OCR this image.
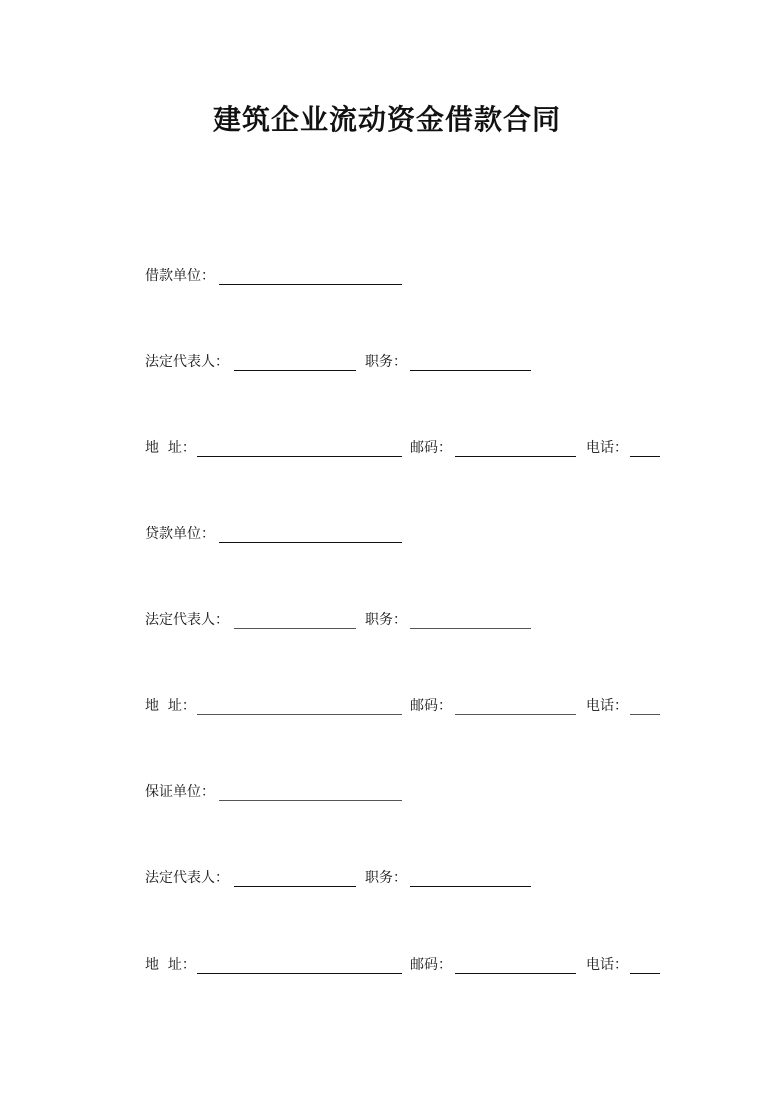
建筑企业流动资金借款合同
借款单位：
法定代表人：	职务：
地  址：	邮码：	电话：
贷款单位：
法定代表人：	职务：
地  址：	邮码：	电话：
保证单位：
法定代表人：	职务：
地  址：	邮码：	电话：
